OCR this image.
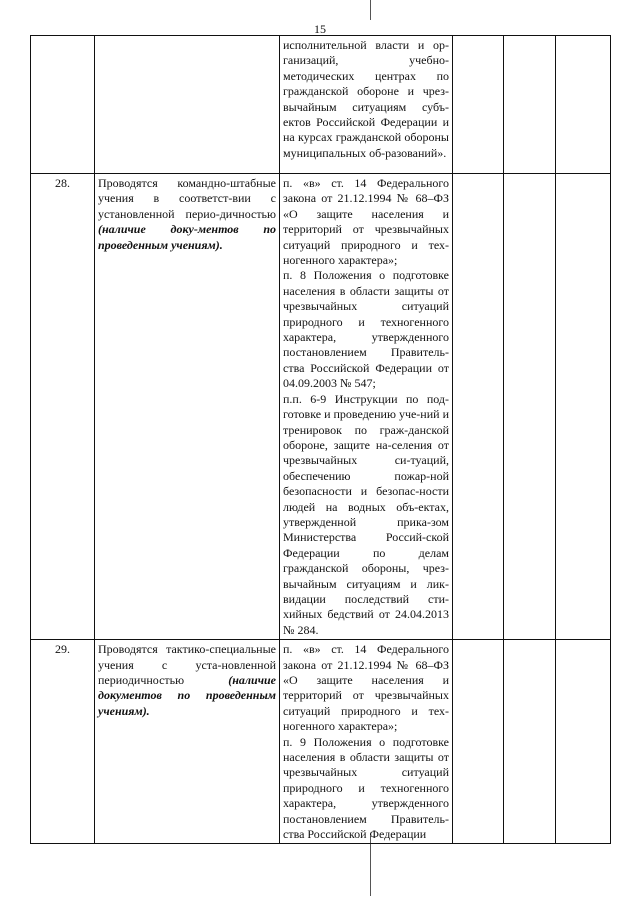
15

		исполнительной власти и ор-ганизаций, учебно-методических центрах по гражданской обороне и чрез-вычайным ситуациям субъ-ектов Российской Федерации и на курсах гражданской обороны муниципальных об-разований».			

28.	Проводятся командно-штабные учения в соответст-вии с установленной перио-дичностью (наличие доку-ментов по проведенным учениям).	п. «в» ст. 14 Федерального закона от 21.12.1994 № 68–ФЗ «О защите населения и территорий от чрезвычайных ситуаций природного и тех-ногенного характера»;
п. 8 Положения о подготовке населения в области защиты от чрезвычайных ситуаций природного и техногенного характера, утвержденного постановлением Правитель-ства Российской Федерации от 04.09.2003 № 547;
п.п. 6-9 Инструкции по под-готовке и проведению уче-ний и тренировок по граж-данской обороне, защите на-селения от чрезвычайных си-туаций, обеспечению пожар-ной безопасности и безопас-ности людей на водных объ-ектах, утвержденной прика-зом Министерства Россий-ской Федерации по делам гражданской обороны, чрез-вычайным ситуациям и лик-видации последствий сти-хийных бедствий от 24.04.2013 № 284.			

29.	Проводятся тактико-специальные учения с уста-новленной периодичностью (наличие документов по проведенным учениям).	п. «в» ст. 14 Федерального закона от 21.12.1994 № 68–ФЗ «О защите населения и территорий от чрезвычайных ситуаций природного и тех-ногенного характера»;
п. 9 Положения о подготовке населения в области защиты от чрезвычайных ситуаций природного и техногенного характера, утвержденного постановлением Правитель-ства Российской Федерации			
